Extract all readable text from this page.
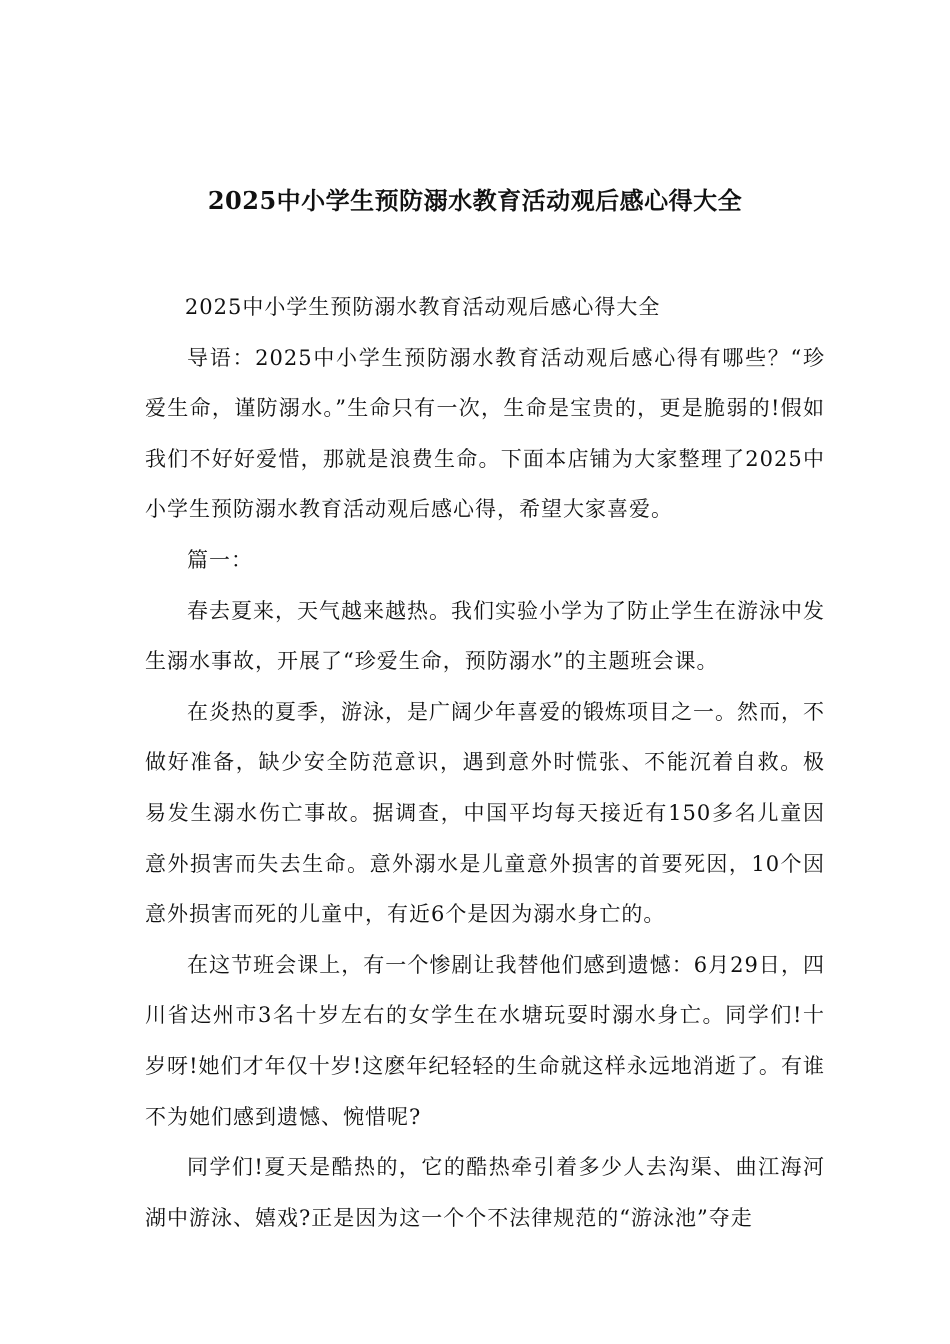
2025中小学生预防溺水教育活动观后感心得大全

2025中小学生预防溺水教育活动观后感心得大全

导语：2025中小学生预防溺水教育活动观后感心得有哪些？“珍爱生命，谨防溺水。”生命只有一次，生命是宝贵的，更是脆弱的!假如我们不好好爱惜，那就是浪费生命。下面本店铺为大家整理了2025中小学生预防溺水教育活动观后感心得，希望大家喜爱。

篇一：

春去夏来，天气越来越热。我们实验小学为了防止学生在游泳中发生溺水事故，开展了“珍爱生命，预防溺水”的主题班会课。

在炎热的夏季，游泳，是广阔少年喜爱的锻炼项目之一。然而，不做好准备，缺少安全防范意识，遇到意外时慌张、不能沉着自救。极易发生溺水伤亡事故。据调查，中国平均每天接近有150多名儿童因意外损害而失去生命。意外溺水是儿童意外损害的首要死因，10个因意外损害而死的儿童中，有近6个是因为溺水身亡的。

在这节班会课上，有一个惨剧让我替他们感到遗憾：6月29日，四川省达州市3名十岁左右的女学生在水塘玩耍时溺水身亡。同学们!十岁呀!她们才年仅十岁!这麽年纪轻轻的生命就这样永远地消逝了。有谁不为她们感到遗憾、惋惜呢?

同学们!夏天是酷热的，它的酷热牵引着多少人去沟渠、曲江海河湖中游泳、嬉戏?正是因为这一个个不法律规范的“游泳池”夺走
